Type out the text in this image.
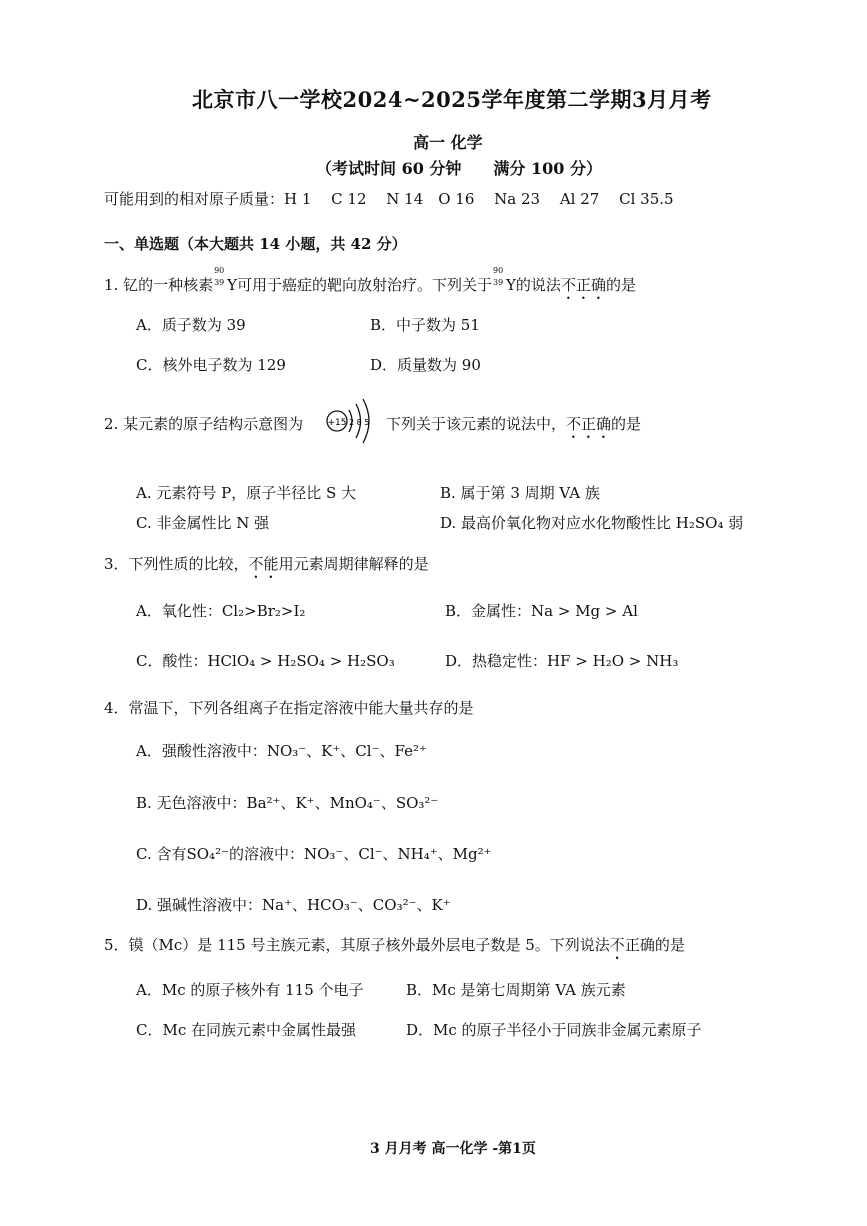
北京市八一学校2024~2025学年度第二学期3月月考
高一 化学
（考试时间 60 分钟　　满分 100 分）
可能用到的相对原子质量：H 1　 C 12　 N 14　O 16　 Na 23　 Al 27　 Cl 35.5
一、单选题（本大题共 14 小题，共 42 分）
1. 钇的一种核素
90
39 Y 可用于癌症的靶向放射治疗。下列关于
90
39 Y 的说法 不正确 的是
A．质子数为 39	B．中子数为 51
C．核外电子数为 129	D．质量数为 90
2. 某元素的原子结构示意图为	+15 2 8 5 下列关于该元素的说法中， 不正确 的是
A. 元素符号 P，原子半径比 S 大	B. 属于第 3 周期 VA 族
C. 非金属性比 N 强	D. 最高价氧化物对应水化物酸性比 H₂SO₄ 弱
3．下列性质的比较， 不能 用元素周期律解释的是
A．氧化性：Cl₂>Br₂>I₂	B．金属性：Na > Mg > Al
C．酸性：HClO₄ > H₂SO₄ > H₂SO₃	D．热稳定性：HF > H₂O > NH₃
4．常温下，下列各组离子在指定溶液中能大量共存的是
A．强酸性溶液中：NO₃⁻、K⁺、Cl⁻、Fe²⁺
B. 无色溶液中：Ba²⁺、K⁺、MnO₄⁻、SO₃²⁻
C. 含有SO₄²⁻的溶液中：NO₃⁻、Cl⁻、NH₄⁺、Mg²⁺
D. 强碱性溶液中：Na⁺、HCO₃⁻、CO₃²⁻、K⁺
5．镆（Mc）是 115 号主族元素，其原子核外最外层电子数是 5。下列说法 不 正确的是
A．Mc 的原子核外有 115 个电子	B．Mc 是第七周期第 VA 族元素
C．Mc 在同族元素中金属性最强	D．Mc 的原子半径小于同族非金属元素原子
3 月月考 高一化学 -第1页
